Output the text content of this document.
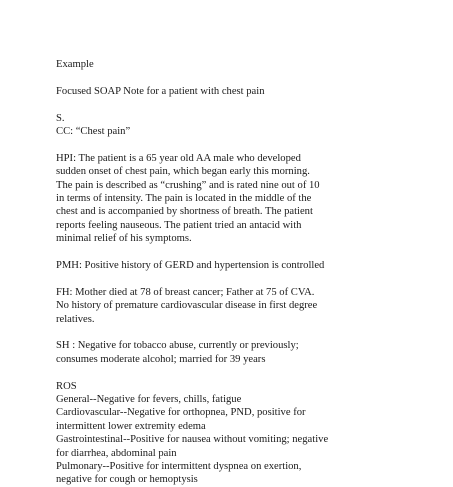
Example
Focused SOAP Note for a patient with chest pain
S.
CC: “Chest pain”
HPI: The patient is a 65 year old AA male who developed
sudden onset of chest pain, which began early this morning.
The pain is described as “crushing” and is rated nine out of 10
in terms of intensity. The pain is located in the middle of the
chest and is accompanied by shortness of breath. The patient
reports feeling nauseous. The patient tried an antacid with
minimal relief of his symptoms.
PMH: Positive history of GERD and hypertension is controlled
FH: Mother died at 78 of breast cancer; Father at 75 of CVA.
No history of premature cardiovascular disease in first degree
relatives.
SH : Negative for tobacco abuse, currently or previously;
consumes moderate alcohol; married for 39 years
ROS
General--Negative for fevers, chills, fatigue
Cardiovascular--Negative for orthopnea, PND, positive for
intermittent lower extremity edema
Gastrointestinal--Positive for nausea without vomiting; negative
for diarrhea, abdominal pain
Pulmonary--Positive for intermittent dyspnea on exertion,
negative for cough or hemoptysis
